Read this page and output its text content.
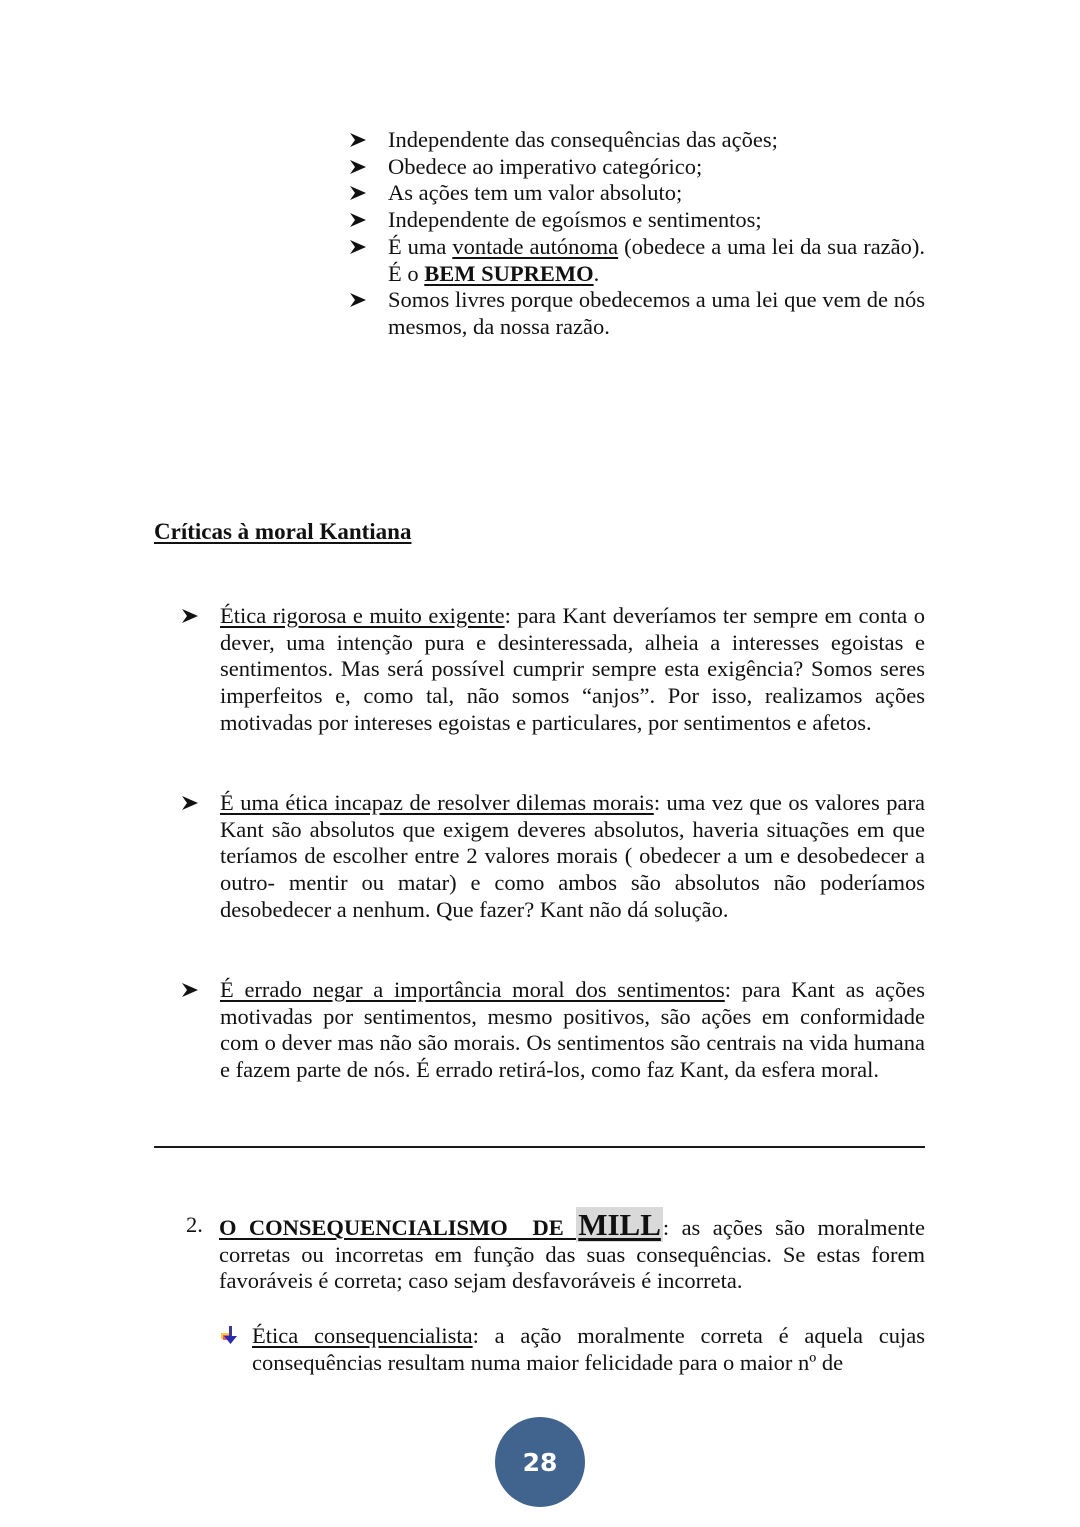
Independente das consequências das ações;
Obedece ao imperativo categórico;
As ações tem um valor absoluto;
Independente de egoísmos e sentimentos;
É uma vontade autónoma (obedece a uma lei da sua razão). É o BEM SUPREMO.
Somos livres porque obedecemos a uma lei que vem de nós mesmos, da nossa razão.
Críticas à moral Kantiana
Ética rigorosa e muito exigente: para Kant deveríamos ter sempre em conta o dever, uma intenção pura e desinteressada, alheia a interesses egoistas e sentimentos. Mas será possível cumprir sempre esta exigência? Somos seres imperfeitos e, como tal, não somos “anjos”. Por isso, realizamos ações motivadas por intereses egoistas e particulares, por sentimentos e afetos.
É uma ética incapaz de resolver dilemas morais: uma vez que os valores para Kant são absolutos que exigem deveres absolutos, haveria situações em que teríamos de escolher entre 2 valores morais ( obedecer a um e desobedecer a outro- mentir ou matar) e como ambos são absolutos não poderíamos desobedecer a nenhum. Que fazer? Kant não dá solução.
É errado negar a importância moral dos sentimentos: para Kant as ações motivadas por sentimentos, mesmo positivos, são ações em conformidade com o dever mas não são morais. Os sentimentos são centrais na vida humana e fazem parte de nós. É errado retirá-los, como faz Kant, da esfera moral.
2. O CONSEQUENCIALISMO  DE MILL: as ações são moralmente corretas ou incorretas em função das suas consequências. Se estas forem favoráveis é correta; caso sejam desfavoráveis é incorreta.
Ética consequencialista: a ação moralmente correta é aquela cujas consequências resultam numa maior felicidade para o maior nº de
28
